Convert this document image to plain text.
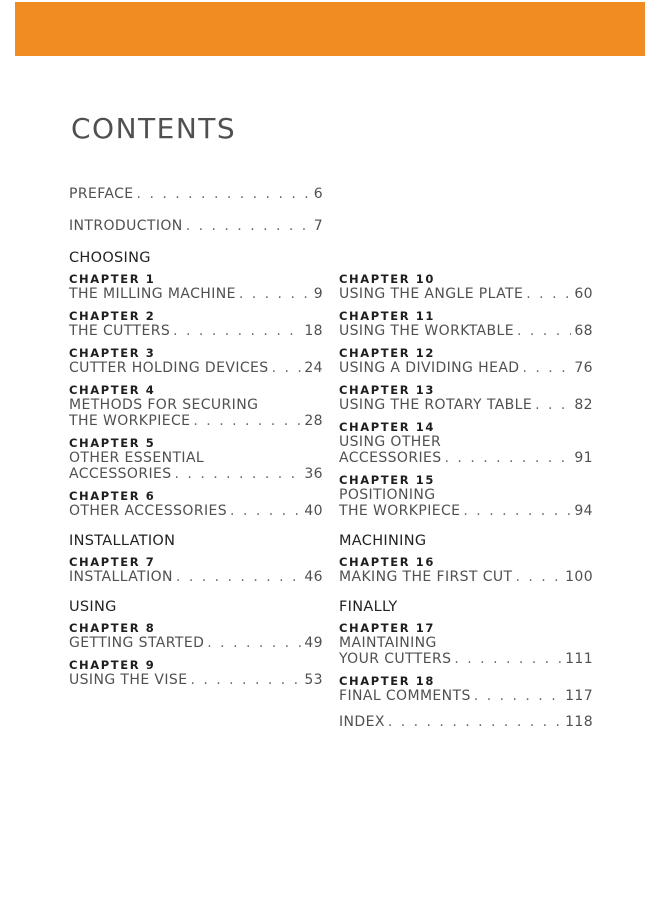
CONTENTS
PREFACE . . .	6
INTRODUCTION . . .	7
CHOOSING
CHAPTER 1
THE MILLING MACHINE . . .	9
CHAPTER 2
THE CUTTERS . . .	18
CHAPTER 3
CUTTER HOLDING DEVICES . . .	24
CHAPTER 4
METHODS FOR SECURING
THE WORKPIECE . . .	28
CHAPTER 5
OTHER ESSENTIAL
ACCESSORIES . . .	36
CHAPTER 6
OTHER ACCESSORIES . . .	40
INSTALLATION
CHAPTER 7
INSTALLATION . . .	46
USING
CHAPTER 8
GETTING STARTED . . .	49
CHAPTER 9
USING THE VISE . . .	53
CHAPTER 10
USING THE ANGLE PLATE . . .	60
CHAPTER 11
USING THE WORKTABLE . . .	68
CHAPTER 12
USING A DIVIDING HEAD . . .	76
CHAPTER 13
USING THE ROTARY TABLE . . .	82
CHAPTER 14
USING OTHER
ACCESSORIES . . .	91
CHAPTER 15
POSITIONING
THE WORKPIECE . . .	94
MACHINING
CHAPTER 16
MAKING THE FIRST CUT . . .	100
FINALLY
CHAPTER 17
MAINTAINING
YOUR CUTTERS . . .	111
CHAPTER 18
FINAL COMMENTS . . .	117
INDEX . . .	118
